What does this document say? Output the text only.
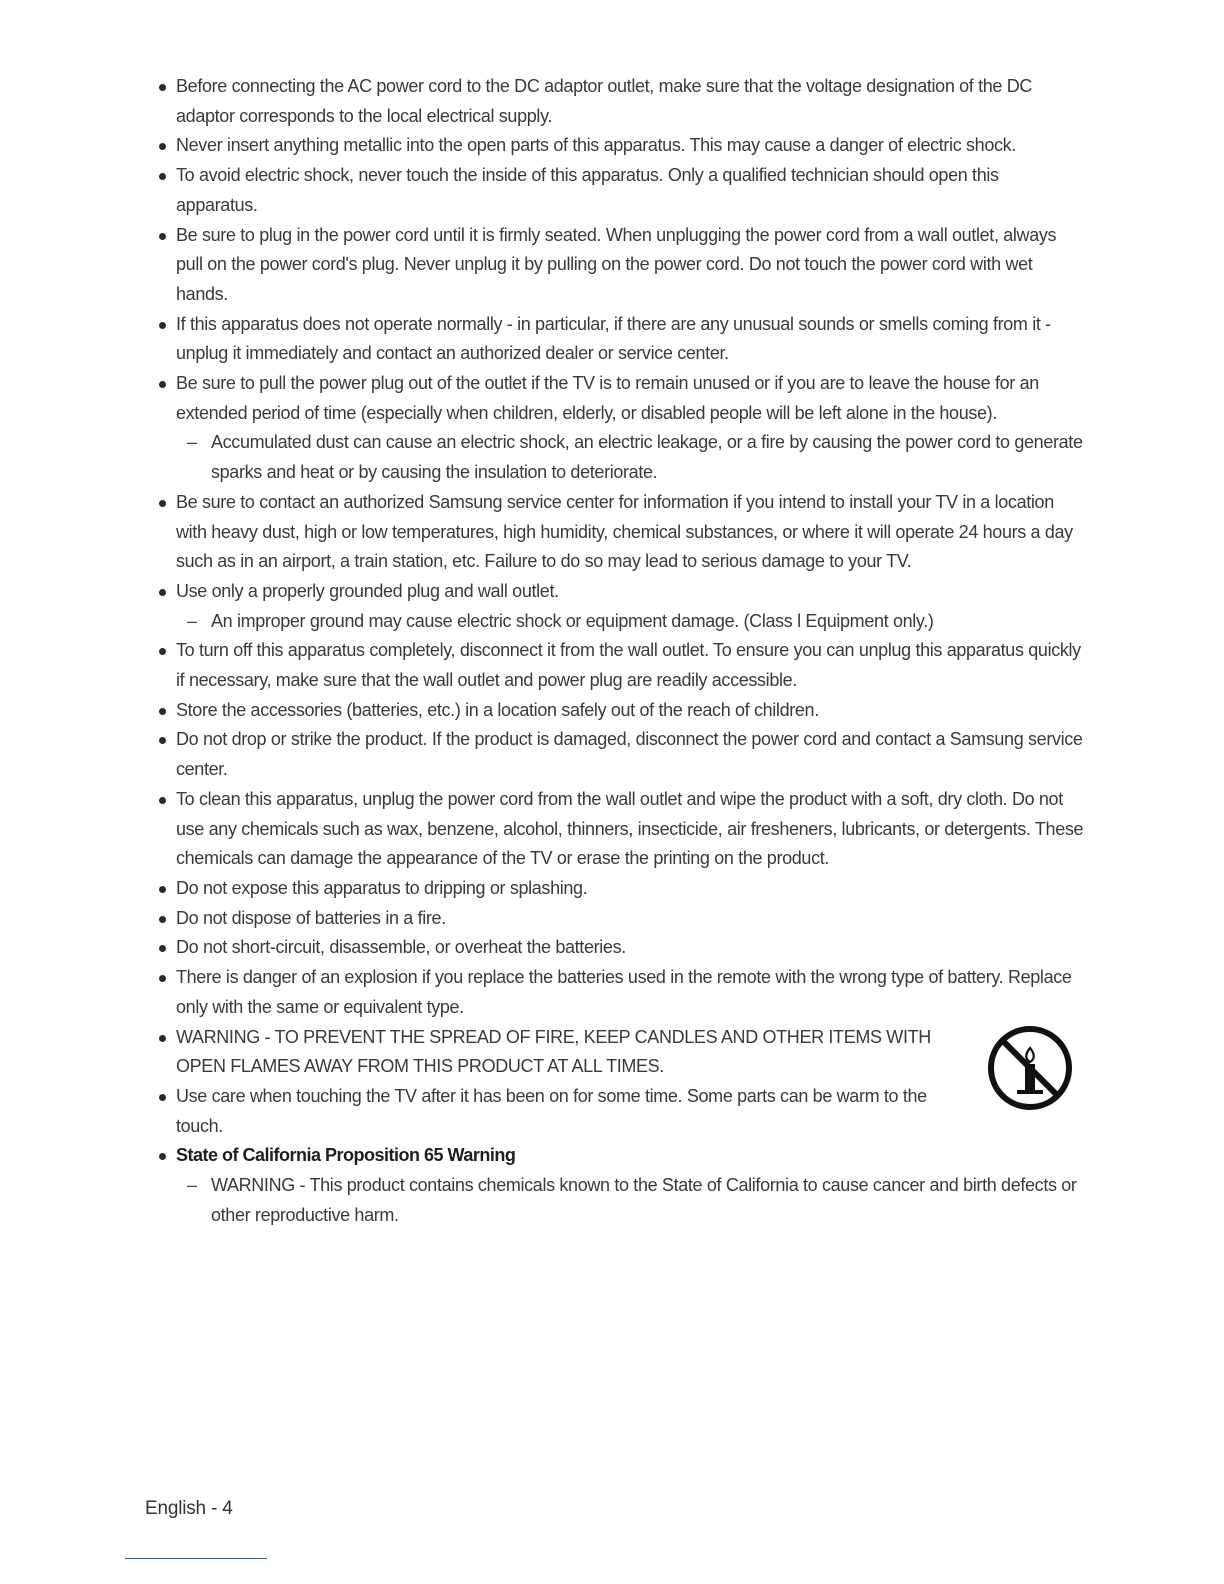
Before connecting the AC power cord to the DC adaptor outlet, make sure that the voltage designation of the DC adaptor corresponds to the local electrical supply.
Never insert anything metallic into the open parts of this apparatus. This may cause a danger of electric shock.
To avoid electric shock, never touch the inside of this apparatus. Only a qualified technician should open this apparatus.
Be sure to plug in the power cord until it is firmly seated. When unplugging the power cord from a wall outlet, always pull on the power cord's plug. Never unplug it by pulling on the power cord. Do not touch the power cord with wet hands.
If this apparatus does not operate normally - in particular, if there are any unusual sounds or smells coming from it - unplug it immediately and contact an authorized dealer or service center.
Be sure to pull the power plug out of the outlet if the TV is to remain unused or if you are to leave the house for an extended period of time (especially when children, elderly, or disabled people will be left alone in the house).
– Accumulated dust can cause an electric shock, an electric leakage, or a fire by causing the power cord to generate sparks and heat or by causing the insulation to deteriorate.
Be sure to contact an authorized Samsung service center for information if you intend to install your TV in a location with heavy dust, high or low temperatures, high humidity, chemical substances, or where it will operate 24 hours a day such as in an airport, a train station, etc. Failure to do so may lead to serious damage to your TV.
Use only a properly grounded plug and wall outlet.
– An improper ground may cause electric shock or equipment damage. (Class l Equipment only.)
To turn off this apparatus completely, disconnect it from the wall outlet. To ensure you can unplug this apparatus quickly if necessary, make sure that the wall outlet and power plug are readily accessible.
Store the accessories (batteries, etc.) in a location safely out of the reach of children.
Do not drop or strike the product. If the product is damaged, disconnect the power cord and contact a Samsung service center.
To clean this apparatus, unplug the power cord from the wall outlet and wipe the product with a soft, dry cloth. Do not use any chemicals such as wax, benzene, alcohol, thinners, insecticide, air fresheners, lubricants, or detergents. These chemicals can damage the appearance of the TV or erase the printing on the product.
Do not expose this apparatus to dripping or splashing.
Do not dispose of batteries in a fire.
Do not short-circuit, disassemble, or overheat the batteries.
There is danger of an explosion if you replace the batteries used in the remote with the wrong type of battery. Replace only with the same or equivalent type.
WARNING - TO PREVENT THE SPREAD OF FIRE, KEEP CANDLES AND OTHER ITEMS WITH OPEN FLAMES AWAY FROM THIS PRODUCT AT ALL TIMES.
Use care when touching the TV after it has been on for some time. Some parts can be warm to the touch.
State of California Proposition 65 Warning
– WARNING - This product contains chemicals known to the State of California to cause cancer and birth defects or other reproductive harm.
English - 4
